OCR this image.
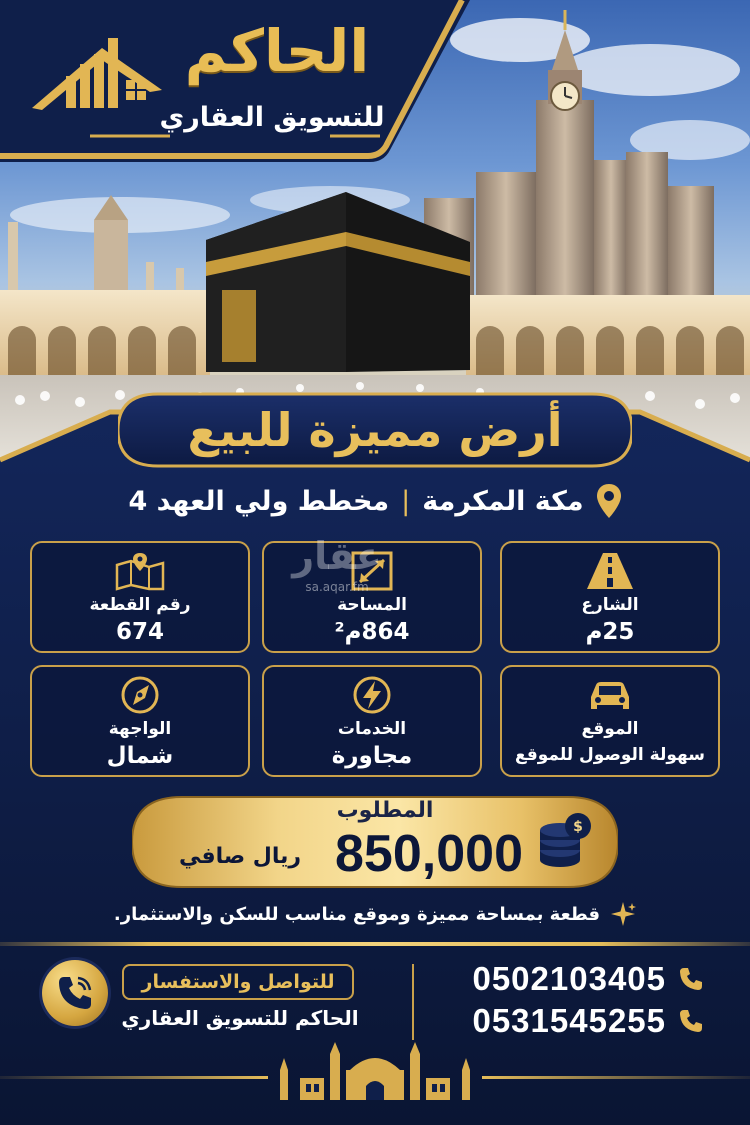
الحاكم
للتسويق العقاري
أرض مميزة للبيع
مكة المكرمة
|
مخطط ولي العهد 4
الشارع
25م
المساحة
864م²
رقم القطعة
674
الموقع
سهولة الوصول للموقع
الخدمات
مجاورة
الواجهة
شمال
عقار
sa.aqar.fm
المطلوب
850,000
ريال صافي
$
قطعة بمساحة مميزة وموقع مناسب للسكن والاستثمار.
0502103405
0531545255
للتواصل والاستفسار
الحاكم للتسويق العقاري
